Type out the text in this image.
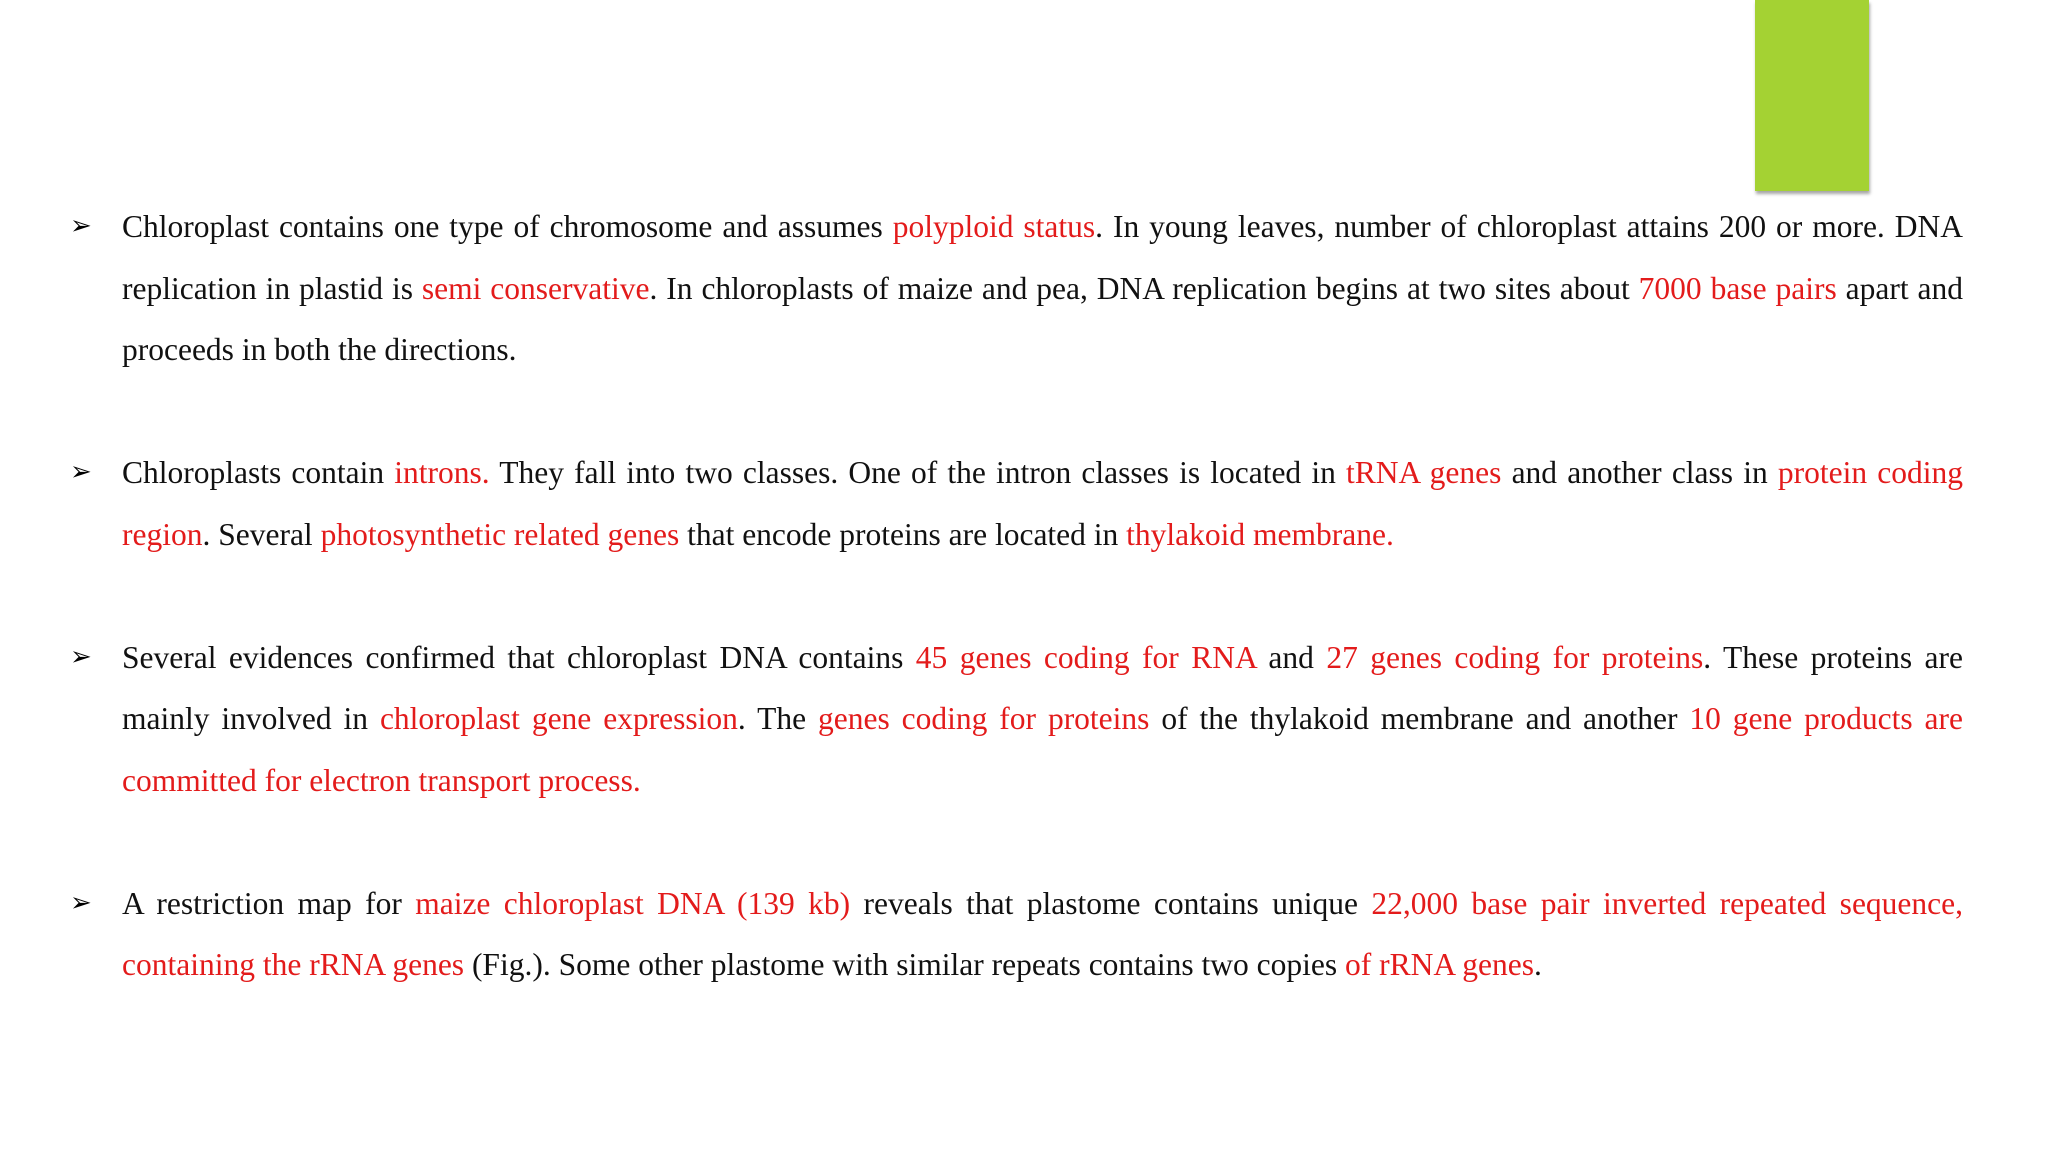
➢ Chloroplast contains one type of chromosome and assumes polyploid status. In young leaves, number of chloroplast attains 200 or more. DNA replication in plastid is semi conservative. In chloroplasts of maize and pea, DNA replication begins at two sites about 7000 base pairs apart and proceeds in both the directions.

➢ Chloroplasts contain introns. They fall into two classes. One of the intron classes is located in tRNA genes and another class in protein coding region. Several photosynthetic related genes that encode proteins are located in thylakoid membrane.

➢ Several evidences confirmed that chloroplast DNA contains 45 genes coding for RNA and 27 genes coding for proteins. These proteins are mainly involved in chloroplast gene expression. The genes coding for proteins of the thylakoid membrane and another 10 gene products are committed for electron transport process.

➢ A restriction map for maize chloroplast DNA (139 kb) reveals that plastome contains unique 22,000 base pair inverted repeated sequence, containing the rRNA genes (Fig.). Some other plastome with similar repeats contains two copies of rRNA genes.
